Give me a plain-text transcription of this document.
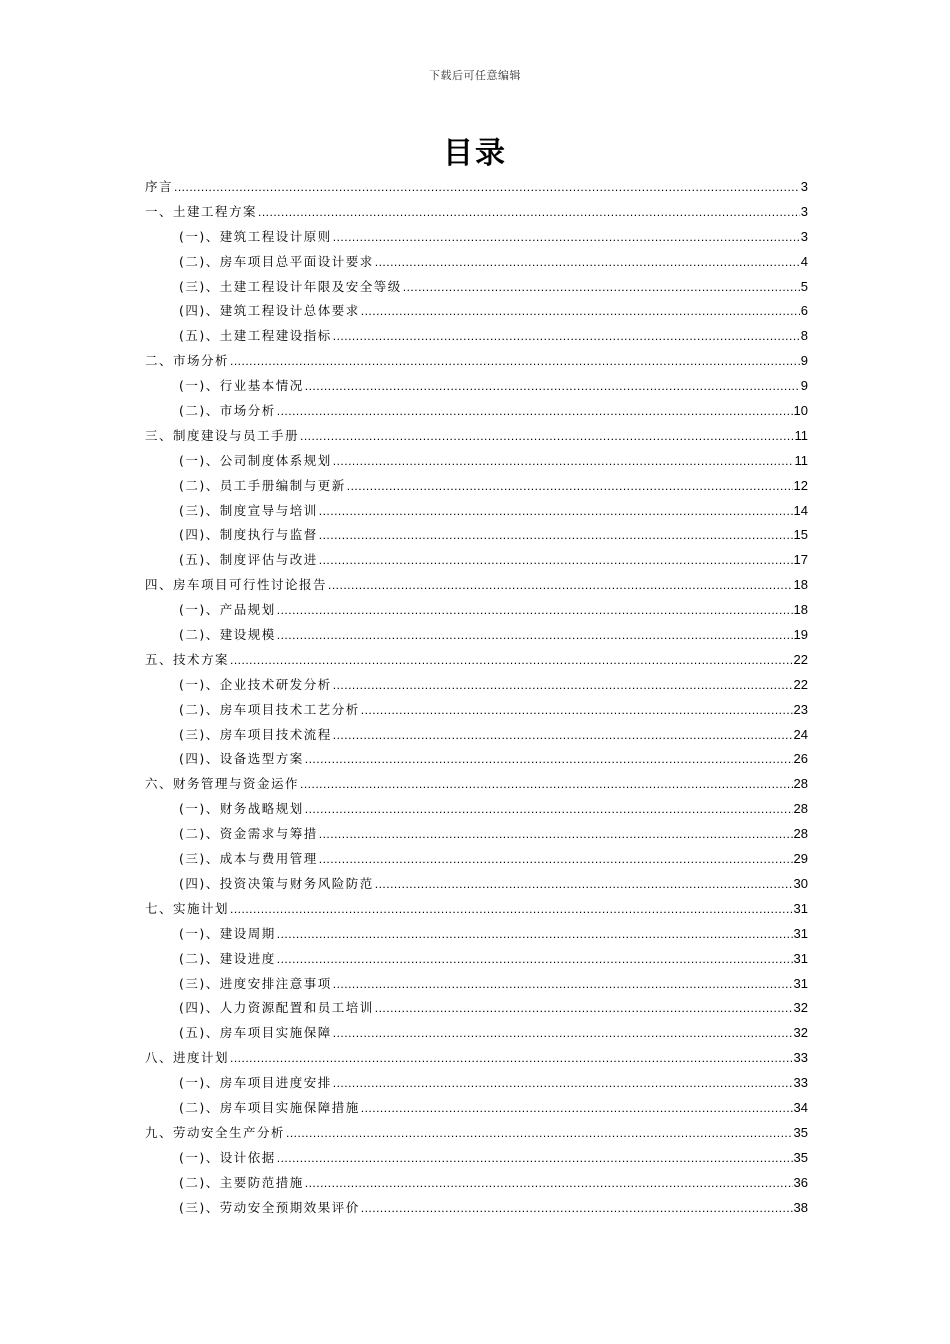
下载后可任意编辑
目录
序言 .....	3
一、土建工程方案 .....	3
(一)、建筑工程设计原则 .....	3
(二)、房车项目总平面设计要求 .....	4
(三)、土建工程设计年限及安全等级 .....	5
(四)、建筑工程设计总体要求 .....	6
(五)、土建工程建设指标 .....	8
二、市场分析 .....	9
(一)、行业基本情况 .....	9
(二)、市场分析 .....	10
三、制度建设与员工手册 .....	11
(一)、公司制度体系规划 .....	11
(二)、员工手册编制与更新 .....	12
(三)、制度宣导与培训 .....	14
(四)、制度执行与监督 .....	15
(五)、制度评估与改进 .....	17
四、房车项目可行性讨论报告 .....	18
(一)、产品规划 .....	18
(二)、建设规模 .....	19
五、技术方案 .....	22
(一)、企业技术研发分析 .....	22
(二)、房车项目技术工艺分析 .....	23
(三)、房车项目技术流程 .....	24
(四)、设备选型方案 .....	26
六、财务管理与资金运作 .....	28
(一)、财务战略规划 .....	28
(二)、资金需求与筹措 .....	28
(三)、成本与费用管理 .....	29
(四)、投资决策与财务风险防范 .....	30
七、实施计划 .....	31
(一)、建设周期 .....	31
(二)、建设进度 .....	31
(三)、进度安排注意事项 .....	31
(四)、人力资源配置和员工培训 .....	32
(五)、房车项目实施保障 .....	32
八、进度计划 .....	33
(一)、房车项目进度安排 .....	33
(二)、房车项目实施保障措施 .....	34
九、劳动安全生产分析 .....	35
(一)、设计依据 .....	35
(二)、主要防范措施 .....	36
(三)、劳动安全预期效果评价 .....	38
